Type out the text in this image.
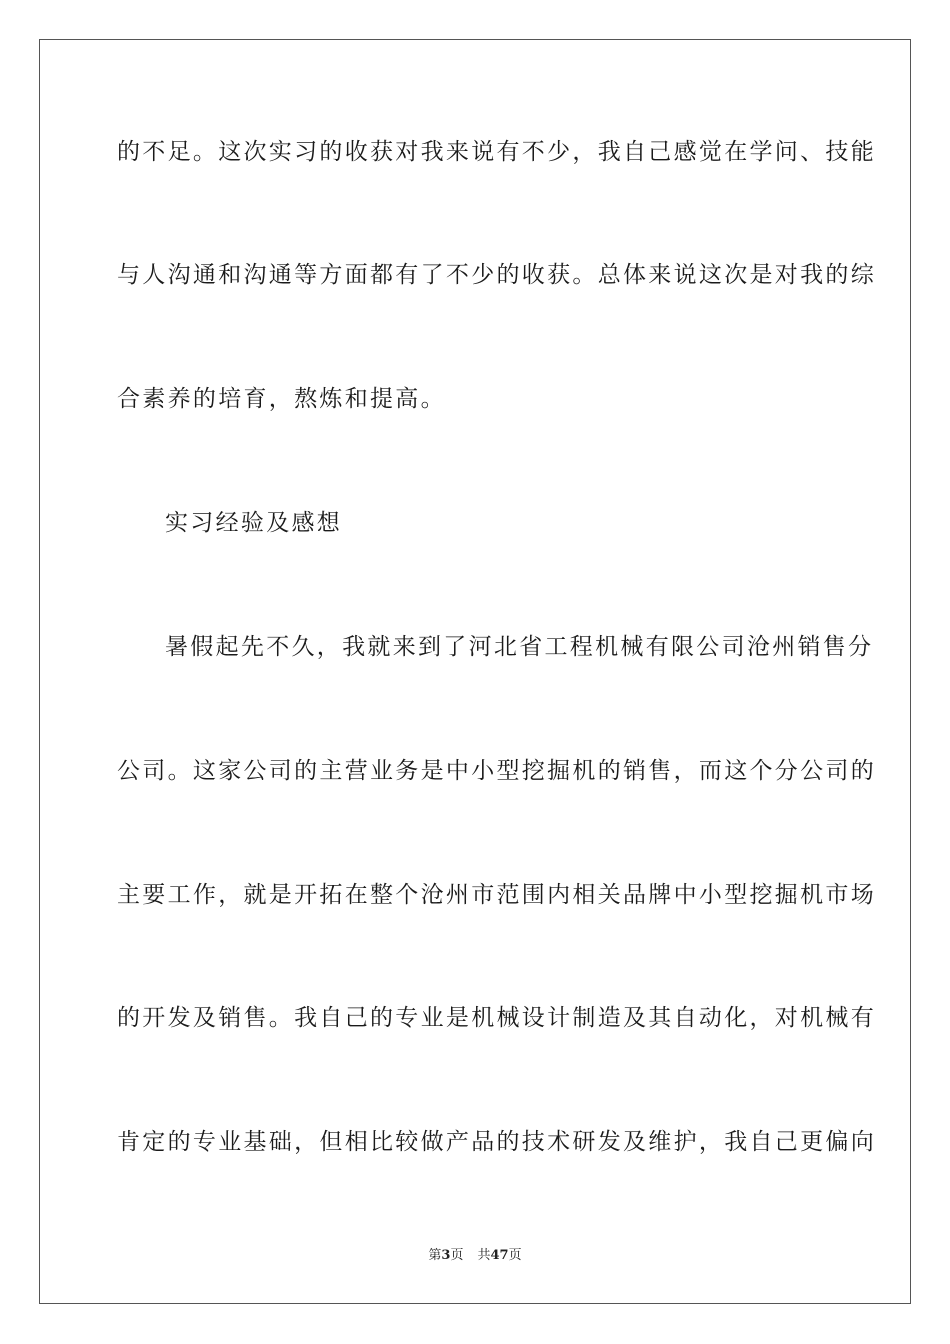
的不足。这次实习的收获对我来说有不少，我自己感觉在学问、技能
与人沟通和沟通等方面都有了不少的收获。总体来说这次是对我的综
合素养的培育，熬炼和提高。
实习经验及感想
暑假起先不久，我就来到了河北省工程机械有限公司沧州销售分
公司。这家公司的主营业务是中小型挖掘机的销售，而这个分公司的
主要工作，就是开拓在整个沧州市范围内相关品牌中小型挖掘机市场
的开发及销售。我自己的专业是机械设计制造及其自动化，对机械有
肯定的专业基础，但相比较做产品的技术研发及维护，我自己更偏向
第3页 共47页
